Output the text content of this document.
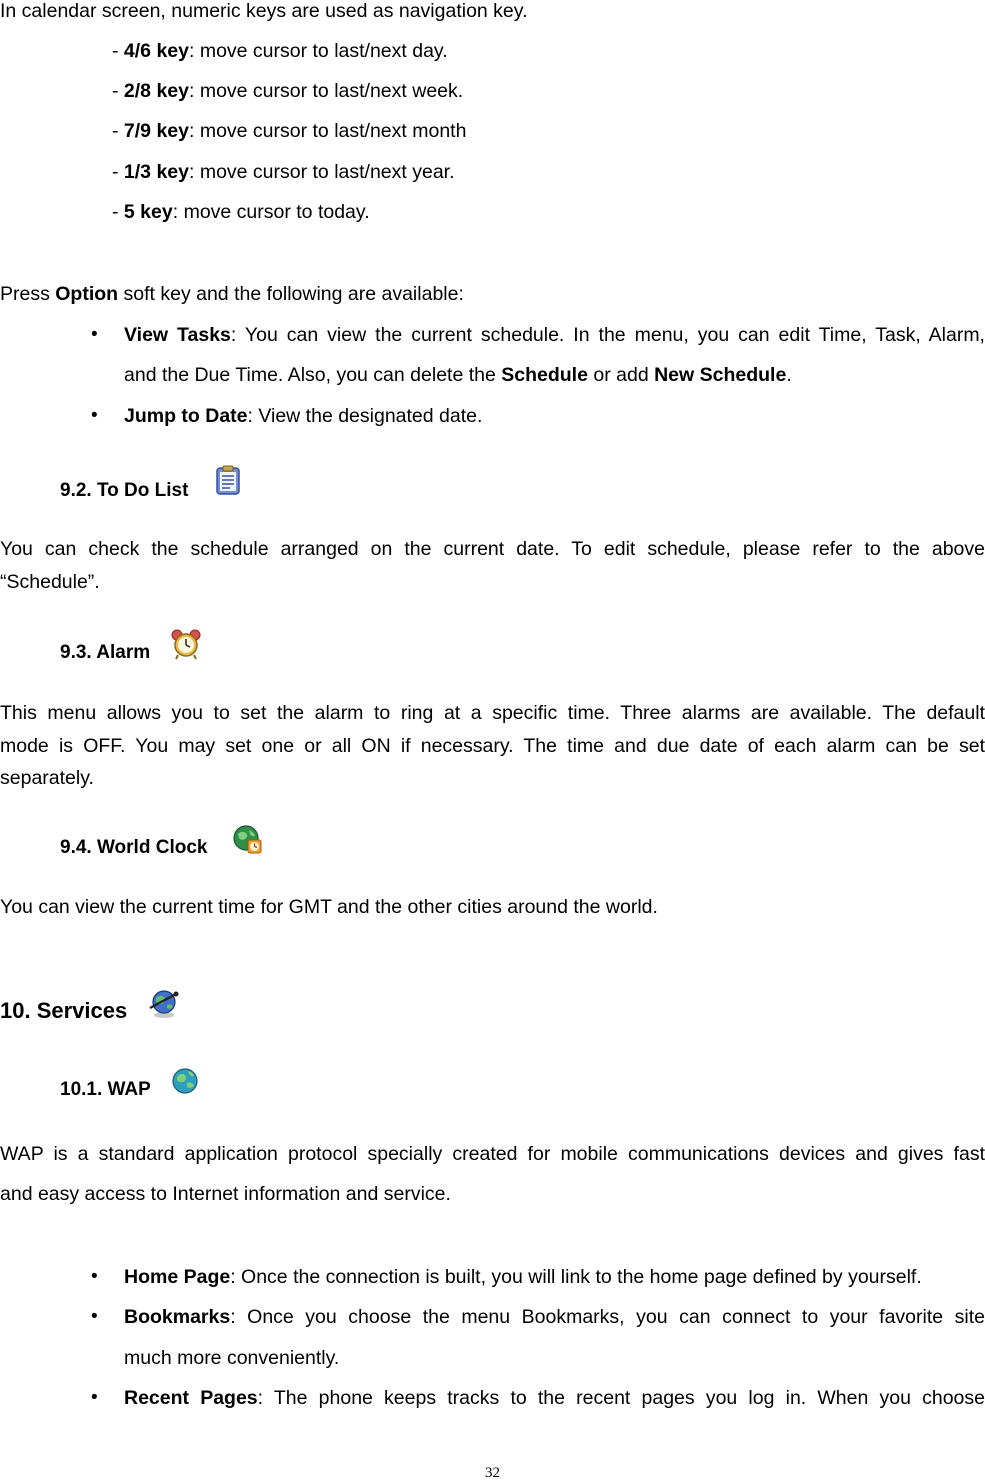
In calendar screen, numeric keys are used as navigation key.
- 4/6 key: move cursor to last/next day.
- 2/8 key: move cursor to last/next week.
- 7/9 key: move cursor to last/next month
- 1/3 key: move cursor to last/next year.
- 5 key: move cursor to today.
Press Option soft key and the following are available:
• View Tasks: You can view the current schedule. In the menu, you can edit Time, Task, Alarm,
and the Due Time. Also, you can delete the Schedule or add New Schedule.
• Jump to Date: View the designated date.
9.2. To Do List
You can check the schedule arranged on the current date. To edit schedule, please refer to the above
“Schedule”.
9.3. Alarm
This menu allows you to set the alarm to ring at a specific time. Three alarms are available. The default
mode is OFF. You may set one or all ON if necessary. The time and due date of each alarm can be set
separately.
9.4. World Clock
You can view the current time for GMT and the other cities around the world.
10. Services
10.1. WAP
WAP is a standard application protocol specially created for mobile communications devices and gives fast
and easy access to Internet information and service.
• Home Page: Once the connection is built, you will link to the home page defined by yourself.
• Bookmarks: Once you choose the menu Bookmarks, you can connect to your favorite site
much more conveniently.
• Recent Pages: The phone keeps tracks to the recent pages you log in. When you choose
32
